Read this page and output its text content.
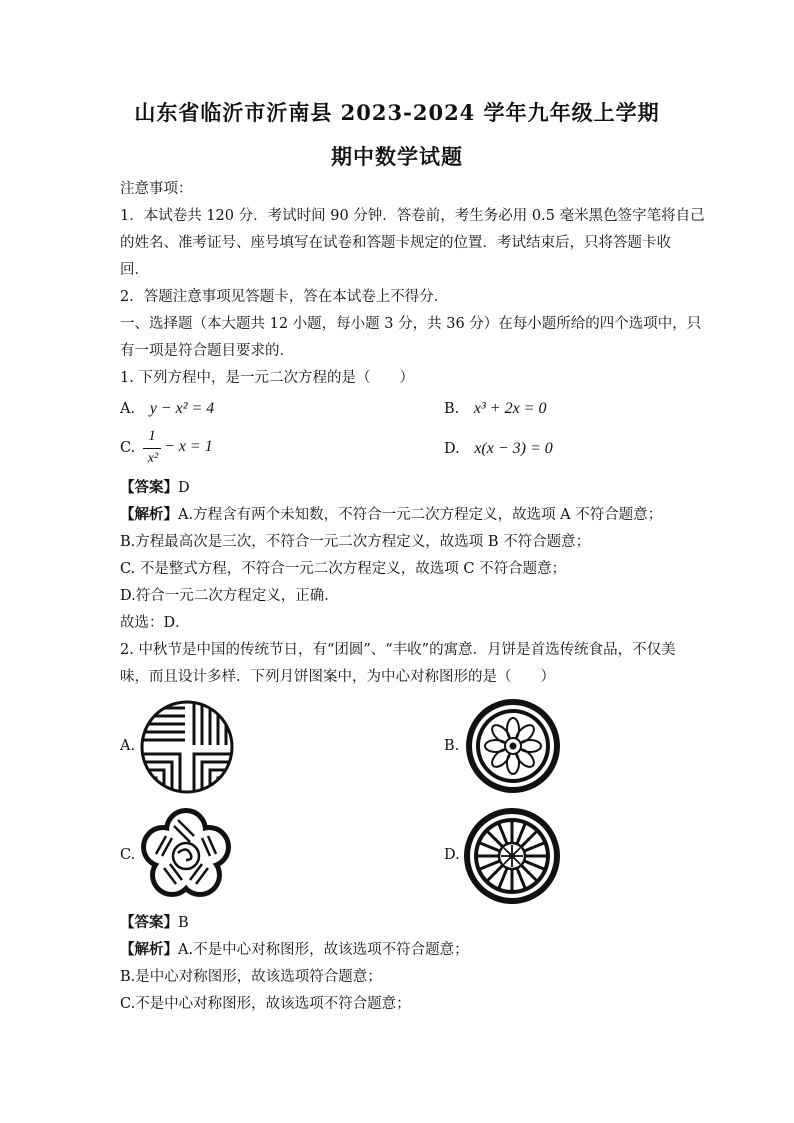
山东省临沂市沂南县 2023-2024 学年九年级上学期
期中数学试题
注意事项：
1．本试卷共 120 分．考试时间 90 分钟．答卷前，考生务必用 0.5 毫米黑色签字笔将自己
的姓名、准考证号、座号填写在试卷和答题卡规定的位置．考试结束后，只将答题卡收
回．
2．答题注意事项见答题卡，答在本试卷上不得分．
一、选择题（本大题共 12 小题，每小题 3 分，共 36 分）在每小题所给的四个选项中，只
有一项是符合题目要求的．
1. 下列方程中，是一元二次方程的是（　　）
A. y − x² = 4	B. x³ + 2x = 0
C.
1
x²
− x = 1	D. x(x − 3) = 0
【答案】D
【解析】A.方程含有两个未知数，不符合一元二次方程定义，故选项 A 不符合题意；
B.方程最高次是三次，不符合一元二次方程定义，故选项 B 不符合题意；
C. 不是整式方程，不符合一元二次方程定义，故选项 C 不符合题意；
D.符合一元二次方程定义，正确．
故选：D．
2. 中秋节是中国的传统节日，有“团圆”、“丰收”的寓意．月饼是首选传统食品，不仅美
味，而且设计多样．下列月饼图案中，为中心对称图形的是（　　）
A.	B.
C.	D.
【答案】B
【解析】A.不是中心对称图形，故该选项不符合题意；
B.是中心对称图形，故该选项符合题意；
C.不是中心对称图形，故该选项不符合题意；
